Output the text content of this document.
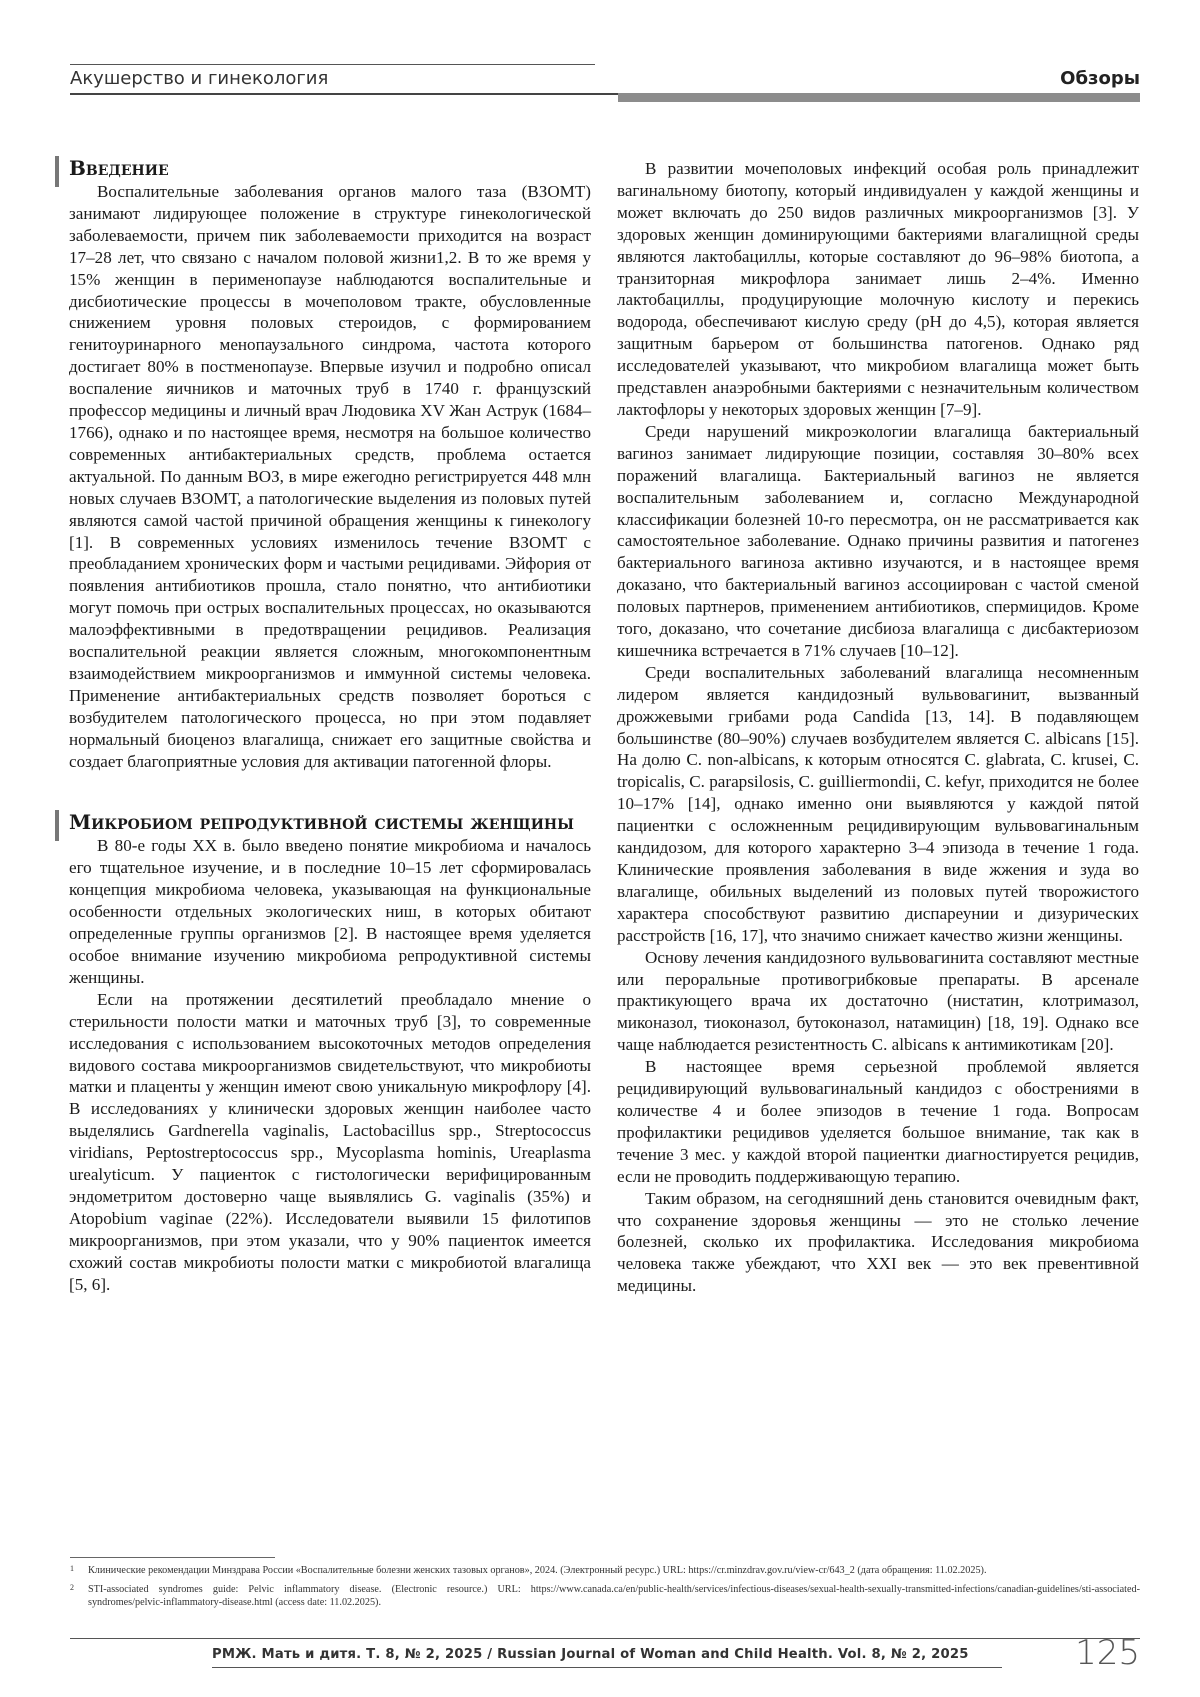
Акушерство и гинекология	Обзоры
Введение

Воспалительные заболевания органов малого таза (ВЗОМТ) занимают лидирующее положение в структуре гинекологической заболеваемости, причем пик заболеваемости приходится на возраст 17–28 лет, что связано с началом половой жизни1,2. В то же время у 15% женщин в перименопаузе наблюдаются воспалительные и дисбиотические процессы в мочеполовом тракте, обусловленные снижением уровня половых стероидов, с формированием генитоуринарного менопаузального синдрома, частота которого достигает 80% в постменопаузе. Впервые изучил и подробно описал воспаление яичников и маточных труб в 1740 г. французский профессор медицины и личный врач Людовика XV Жан Аструк (1684–1766), однако и по настоящее время, несмотря на большое количество современных антибактериальных средств, проблема остается актуальной. По данным ВОЗ, в мире ежегодно регистрируется 448 млн новых случаев ВЗОМТ, а патологические выделения из половых путей являются самой частой причиной обращения женщины к гинекологу [1]. В современных условиях изменилось течение ВЗОМТ с преобладанием хронических форм и частыми рецидивами. Эйфория от появления антибиотиков прошла, стало понятно, что антибиотики могут помочь при острых воспалительных процессах, но оказываются малоэффективными в предотвращении рецидивов. Реализация воспалительной реакции является сложным, многокомпонентным взаимодействием микроорганизмов и иммунной системы человека. Применение антибактериальных средств позволяет бороться с возбудителем патологического процесса, но при этом подавляет нормальный биоценоз влагалища, снижает его защитные свойства и создает благоприятные условия для активации патогенной флоры.

Микробиом репродуктивной системы женщины

В 80-е годы XX в. было введено понятие микробиома и началось его тщательное изучение, и в последние 10–15 лет сформировалась концепция микробиома человека, указывающая на функциональные особенности отдельных экологических ниш, в которых обитают определенные группы организмов [2]. В настоящее время уделяется особое внимание изучению микробиома репродуктивной системы женщины.

Если на протяжении десятилетий преобладало мнение о стерильности полости матки и маточных труб [3], то современные исследования с использованием высокоточных методов определения видового состава микроорганизмов свидетельствуют, что микробиоты матки и плаценты у женщин имеют свою уникальную микрофлору [4]. В исследованиях у клинически здоровых женщин наиболее часто выделялись Gardnerella vaginalis, Lactobacillus spp., Streptococcus viridians, Peptostreptococcus spp., Mycoplasma hominis, Ureaplasma urealyticum. У пациенток с гистологически верифицированным эндометритом достоверно чаще выявлялись G. vaginalis (35%) и Atopobium vaginae (22%). Исследователи выявили 15 филотипов микроорганизмов, при этом указали, что у 90% пациенток имеется схожий состав микробиоты полости матки с микробиотой влагалища [5, 6].

В развитии мочеполовых инфекций особая роль принадлежит вагинальному биотопу, который индивидуален у каждой женщины и может включать до 250 видов различных микроорганизмов [3]. У здоровых женщин доминирующими бактериями влагалищной среды являются лактобациллы, которые составляют до 96–98% биотопа, а транзиторная микрофлора занимает лишь 2–4%. Именно лактобациллы, продуцирующие молочную кислоту и перекись водорода, обеспечивают кислую среду (pH до 4,5), которая является защитным барьером от большинства патогенов. Однако ряд исследователей указывают, что микробиом влагалища может быть представлен анаэробными бактериями с незначительным количеством лактофлоры у некоторых здоровых женщин [7–9].

Среди нарушений микроэкологии влагалища бактериальный вагиноз занимает лидирующие позиции, составляя 30–80% всех поражений влагалища. Бактериальный вагиноз не является воспалительным заболеванием и, согласно Международной классификации болезней 10-го пересмотра, он не рассматривается как самостоятельное заболевание. Однако причины развития и патогенез бактериального вагиноза активно изучаются, и в настоящее время доказано, что бактериальный вагиноз ассоциирован с частой сменой половых партнеров, применением антибиотиков, спермицидов. Кроме того, доказано, что сочетание дисбиоза влагалища с дисбактериозом кишечника встречается в 71% случаев [10–12].

Среди воспалительных заболеваний влагалища несомненным лидером является кандидозный вульвовагинит, вызванный дрожжевыми грибами рода Candida [13, 14]. В подавляющем большинстве (80–90%) случаев возбудителем является C. albicans [15]. На долю C. non-albicans, к которым относятся C. glabrata, C. krusei, C. tropicalis, C. parapsilosis, C. guilliermondii, C. kefyr, приходится не более 10–17% [14], однако именно они выявляются у каждой пятой пациентки с осложненным рецидивирующим вульвовагинальным кандидозом, для которого характерно 3–4 эпизода в течение 1 года. Клинические проявления заболевания в виде жжения и зуда во влагалище, обильных выделений из половых путей творожистого характера способствуют развитию диспареунии и дизурических расстройств [16, 17], что значимо снижает качество жизни женщины.

Основу лечения кандидозного вульвовагинита составляют местные или пероральные противогрибковые препараты. В арсенале практикующего врача их достаточно (нистатин, клотримазол, миконазол, тиоконазол, бутоконазол, натамицин) [18, 19]. Однако все чаще наблюдается резистентность C. albicans к антимикотикам [20].

В настоящее время серьезной проблемой является рецидивирующий вульвовагинальный кандидоз с обострениями в количестве 4 и более эпизодов в течение 1 года. Вопросам профилактики рецидивов уделяется большое внимание, так как в течение 3 мес. у каждой второй пациентки диагностируется рецидив, если не проводить поддерживающую терапию.

Таким образом, на сегодняшний день становится очевидным факт, что сохранение здоровья женщины — это не столько лечение болезней, сколько их профилактика. Исследования микробиома человека также убеждают, что XXI век — это век превентивной медицины.

1 Клинические рекомендации Минздрава России «Воспалительные болезни женских тазовых органов», 2024. (Электронный ресурс.) URL: https://cr.minzdrav.gov.ru/view-cr/643_2 (дата обращения: 11.02.2025).
2 STI-associated syndromes guide: Pelvic inflammatory disease. (Electronic resource.) URL: https://www.canada.ca/en/public-health/services/infectious-diseases/sexual-health-sexually-transmitted-infections/canadian-guidelines/sti-associated-syndromes/pelvic-inflammatory-disease.html (access date: 11.02.2025).
РМЖ. Мать и дитя. Т. 8, № 2, 2025 / Russian Journal of Woman and Child Health. Vol. 8, № 2, 2025	125
